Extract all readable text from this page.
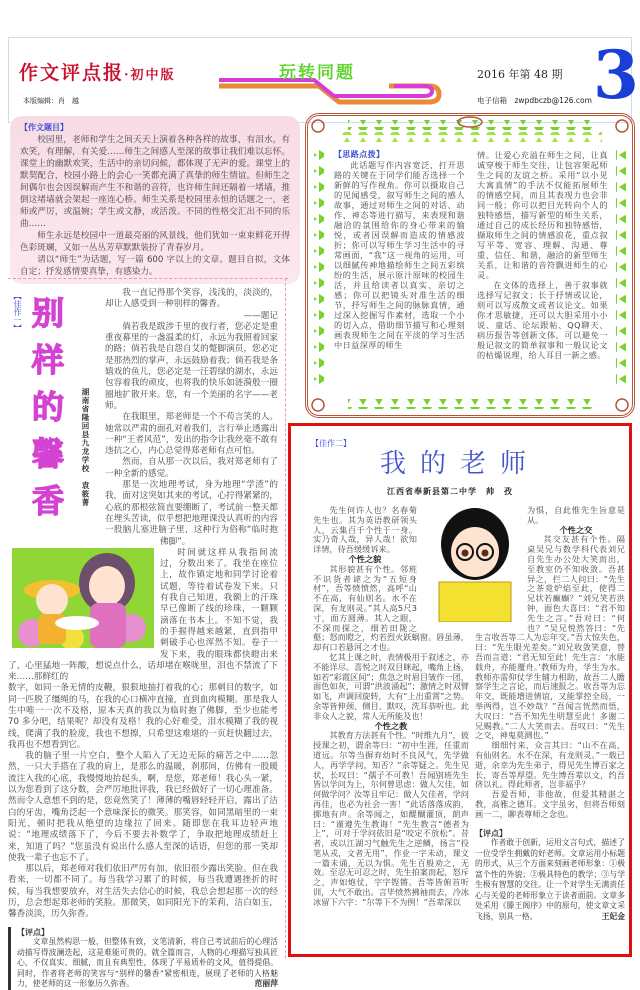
作文评点报·初中版
本版编辑：肖　越
玩转同题	2016 年第 48 期
电子信箱　zwpdbczb@126.com 3
【作文题目】

校园里，老师和学生之间天天上演着各种各样的故事，有泪水，有欢笑，有理解，有关爱……师生之间感人至深的故事让我们难以忘怀。课堂上的幽默欢笑，生活中的亲切问候，都体现了无声的爱。课堂上的默契配合，校园小路上的会心一笑都充满了真挚的师生情谊。但师生之间偶尔也会因误解而产生不和谐的音符，也许师生间还隔着一堵墙，推倒这堵墙就会架起一座连心桥。师生关系是校园里永恒的话题之一，老师或严厉，或温婉；学生或文静，或活泼。不同的性格交汇出不同的乐曲……

师生永远是校园中一道最亮丽的风景线，他们犹如一束束鲜花开得色彩斑斓，又如一丛丛芳草默默装扮了青春岁月。

请以“师生”为话题，写一篇 600 字以上的文章。题目自拟，文体自定；抒发感情要真挚，有感染力。

【思路点拨】

此话题写作内容宽泛，打开思路的关键在于同学们能否选择一个新鲜的写作视角。你可以摄取自己的见闻感受，叙写师生之间的感人故事，通过对师生之间的对话、动作、神态等进行描写，来表现和谐融洽的氛围给你的身心带来的愉悦，或者因误解而造成的情感波折；你可以写师生学习生活中的寻常画面，“我”这一视角的运用，可以细腻传神地描绘师生之间五彩缤纷的生活，展示原汁原味的校园生活，并且给读者以真实、亲切之感；你可以把镜头对准生活的细节，抒写师生之间的脉脉真情，通过深入挖掘写作素材，选取一个小的切入点，借助细节描写和心理刻画表现师生之间在平淡的学习生活中日益深厚的师生

情。让爱心充溢在师生之间，让真诚穿梭于师生交往，让包容架起师生之间的友谊之桥。采用“以小见大寓真情”的手法不仅能拓展师生的情感空间，而且其表现力也会非同一般；你可以把目光转向个人的独特感悟，描写新型的师生关系，通过自己的成长经历和独特感悟，撷取师生之间的情感浪花，重点叙写平等、宽容、理解、沟通、尊重、信任、和谐，融洽的新型师生关系，让和谐的音符飘进师生的心灵。

在文体的选择上，善于叙事就选择写记叙文；长于抒情或议论，则可以写成散文或者议论文。如果你才思敏捷，还可以大胆采用小小说、童话、论坛跟帖、QQ聊天、病历报告等创新文体，可以避免一般记叙文的简单叙事和一般议论文的枯燥说理，给人耳目一新之感。

【佳作一】 别样的馨香 湖南省隆回县九龙学校　袁筱菁

我一直记得那个笑容，浅浅的，淡淡的，却让人感受到一种别样的馨香。

——题记

倘若我是跋涉千里的夜行者，您必定是重重夜幕里的一盏温柔的灯，永远为我照着回家的路；倘若我是自怨自艾的蹩脚演员，您必定是那热烈的掌声，永远鼓励着我；倘若我是条嬉戏的鱼儿，您必定是一汪碧绿的湖水，永远包容着我的顽皮，也将我的快乐如涟漪般一圈圈地扩散开来。您，有一个美丽的名字——老师。

在我眼里，郑老师是一个不苟言笑的人。她常以严肃的面孔对着我们，言行举止透露出一种“王者风范”，发出的指令让我丝毫不敢有违抗之心，内心总觉得郑老师有点可怕。

然而，自从那一次以后，我对郑老师有了一种全新的感觉。

那是一次地理考试，身为地理“学渣”的我，面对这突如其来的考试，心拧得紧紧的，心底的那根弦简直要绷断了，考试前一整天都在埋头苦读，似乎想把地理课没认真听的内容一股脑儿塞进脑子里，这种行为俗称“临时抱佛脚”。

时间就这样从我指间流过，分数出来了。我坐在座位上，故作镇定地和同学讨论着试题，等待着试卷发下来。只有我自己知道，我额上的汗珠早已像断了线的珍珠，一颗颗滴落在书本上。不知不觉，我的手握得越来越紧，直到指甲刺破手心也浑然不知。卷子一发下来，我的眼珠都快瞪出来了，心里猛地一阵酸，想说点什么，话却堵在喉咙里，泪也不禁流了下来……那鲜红的

数字，如同一条无情的皮鞭，狠狠地抽打着我的心；那刺目的数字，如同一匹脱了缰绳的马，在我的心口横冲直撞，直到血肉模糊。那是我人生中唯一一次不及格，原本天真的我以为临时抱了佛脚，至少也能考 70 多分吧，结果呢？却没有及格！我的心好难受，泪水模糊了我的视线，爬满了我的脸庞，我也不想擦，只希望这难堪的一页赶快翻过去，我再也不想看到它。

我的脑子里一片空白，整个人陷入了无边无际的痛苦之中……忽然，一只大手搭在了我的肩上，是那么的温暖，刹那间，仿佛有一股暖流注入我的心底，我慢慢地抬起头，啊，是您，郑老师！我心头一紧，以为您看到了这分数，会严厉地批评我，我已经做好了一切心理准备。然而令人意想不到的是，您竟然笑了！薄薄的嘴唇轻轻开启，露出了洁白的牙齿，嘴角泛起一个意味深长的微笑。那笑容，如同黑暗里的一束阳光，顿时把我从绝望的边缘拉了回来。随即您在我耳边轻声地说：“地理成绩落下了，今后不要去补数学了，争取把地理成绩赶上来，知道了吗？”您虽没有说出什么感人至深的话语，但您的那一笑却使我一辈子也忘不了。

那以后，郑老师对我们依旧严厉有加，依旧很少露出笑脸。但在我看来，一切都不同了。每当我学习累了的时候，每当我遭遇挫折的时候，每当我想要放弃，对生活失去信心的时候，我总会想起那一次的经历，总会想起郑老师的笑脸。那微笑，如同阳光下的茉莉，洁白如玉，馨香淡淡，历久弥香。

【评点】

文章虽然构思一般，但整体有致，文笔清新，将自己考试前后的心理活动描写得波澜迭起，这是难能可贵的。就全篇而言，人物的心理描写独具匠心，不仅真实、细腻，而且有典型性，体现了平易质朴的文风，值得提倡。同时，作者将老师的笑容与“别样的馨香”紧密相连，展现了老师的人格魅力，使老师的这一形象历久弥香。	范丽萍

【佳作二】
我的老师
江西省奉新县第二中学　帅　孜

先生何许人也？名春菊先生也。其为英语教研领头人，云集百千个性于一身。实乃奇人哉，异人哉！欲知详情，待吾缓缓诉来。

个性之貌

其形貌甚有个性。邻班不识货者谑之为“五短身材”，吾等愤愤然，高呼“山不在高，有仙则名。水不在深，有龙则灵。”其人高5尺3寸，面方圆薄。其人之眼，不深而探之，细若田陇之壑；怒而瞪之，灼若烈火跃蜗窗。唇虽薄，却有口若悬河之才也。

忆其上课之时，表情极用于叙述之，亦不能详尽。喜悦之时双目眯起，嘴角上扬，如若“彩霞区间”；焦急之时眉目皱作一团，面色如灰，可谓“洪波涌起”；激情之时双臂如飞，声调回旋转，大有“上出重霄”之势。余等皆伸颈、侧目、默叹，洗耳恭听也。此非众人之貌，常人无所能及也！

个性之教

其教育方法甚有个性。“时维九月”，彼授课之初，谓余等曰：“初中生涯，任重而道远。尔等当摒弃幼时不良风气，先学做人，再学学问，知否？”余等疑之。先生见状，长叹曰：“孺子不可教！吾闻别班先生皆以学问为上，尔何曾思虑：做人欠佳，如何做学问？汝等且牢记：做人欠佳者，学问再佳，也必为社会一害！”此话落落成韵，掷地有声。余等闻之，如醍醐灌顶，朗声曰：“谨遵先生教诲！”先生教言“德者为上”，可对于学问依旧是“咬定不放松”。昔者，或以江湖习气触先生之逆鳞，扬言“投笔从戎，文者无用”，作业一字未动，课文一篇未诵，无以为惧。先生百般劝之，无效。至忍无可忍之时，先生拍案而起，怒斥之，声如炮仗，字字铿锵。吾等皆俯首听训，大气不敢出。言毕愤然拂袖而去，冷冰冰留下六字：“尔等下不为例！”吾辈深以

为惧，自此惟先生旨意是从。
个性之交

其交友甚有个性。隔桌吴兄与数学科代表刘兄自先生办公处大笑而出，至教室仍不知收敛。吾甚异之，拦二人问曰：“先生之茶竟炉焰至此，使得二兄状若癫癫？”刘兄笑若洪钟，面色大喜曰：“君不知先生之言。”吾对曰：“何也？”吴兄悦然答曰：“先生言收吾等二人为忘年交。”吾大惊失色，曰：“先生眼光差矣。”刘兄收敛笑意，替吾而言道：“君无知至此！先生言：‘水能载舟，亦能覆舟。’教师为舟，学生为水。教师亦需仰仗学生辅力相助，故吾二人瞻察学生之言论，而后速报之。收吾等为忘年交，既能增进情谊，又能掌控全局，一举两得，岂不妙哉？”吾闻言恍然而悟，大叹曰：“吾不知先生明慧至此！多谢二兄赐教。”二人大笑而去。吾叹曰：“先生之交，神鬼莫测也。”

细细忖来，众言其曰：“山不在高，有仙则名。水不在深，有龙则灵。”一载已逝，余幸为先生弟子，得见先生博百家之长，寄吾等厚望。先生博吾辈以文，约吾侪以礼。得此师者，岂非福乎？

吾爱吾师，非他故，但爱其精湛之教，高雅之德耳。文字虽劣，但将吾师刻画一二，聊表尊师之念也。

【评点】

作者敢于创新，运用文言句式，描述了一位受学生拥戴的好老师。文章运用小标题的形式，从三个方面来刻画老师形象：①极富个性的外貌；②极具特色的教学；③与学生极有智慧的交往。让一个对学生无满责任心与关爱的老师形象立于读者面前。文章多处采用《滕王阁序》中的原句，使文章文采飞扬，别具一格。	王妃金
